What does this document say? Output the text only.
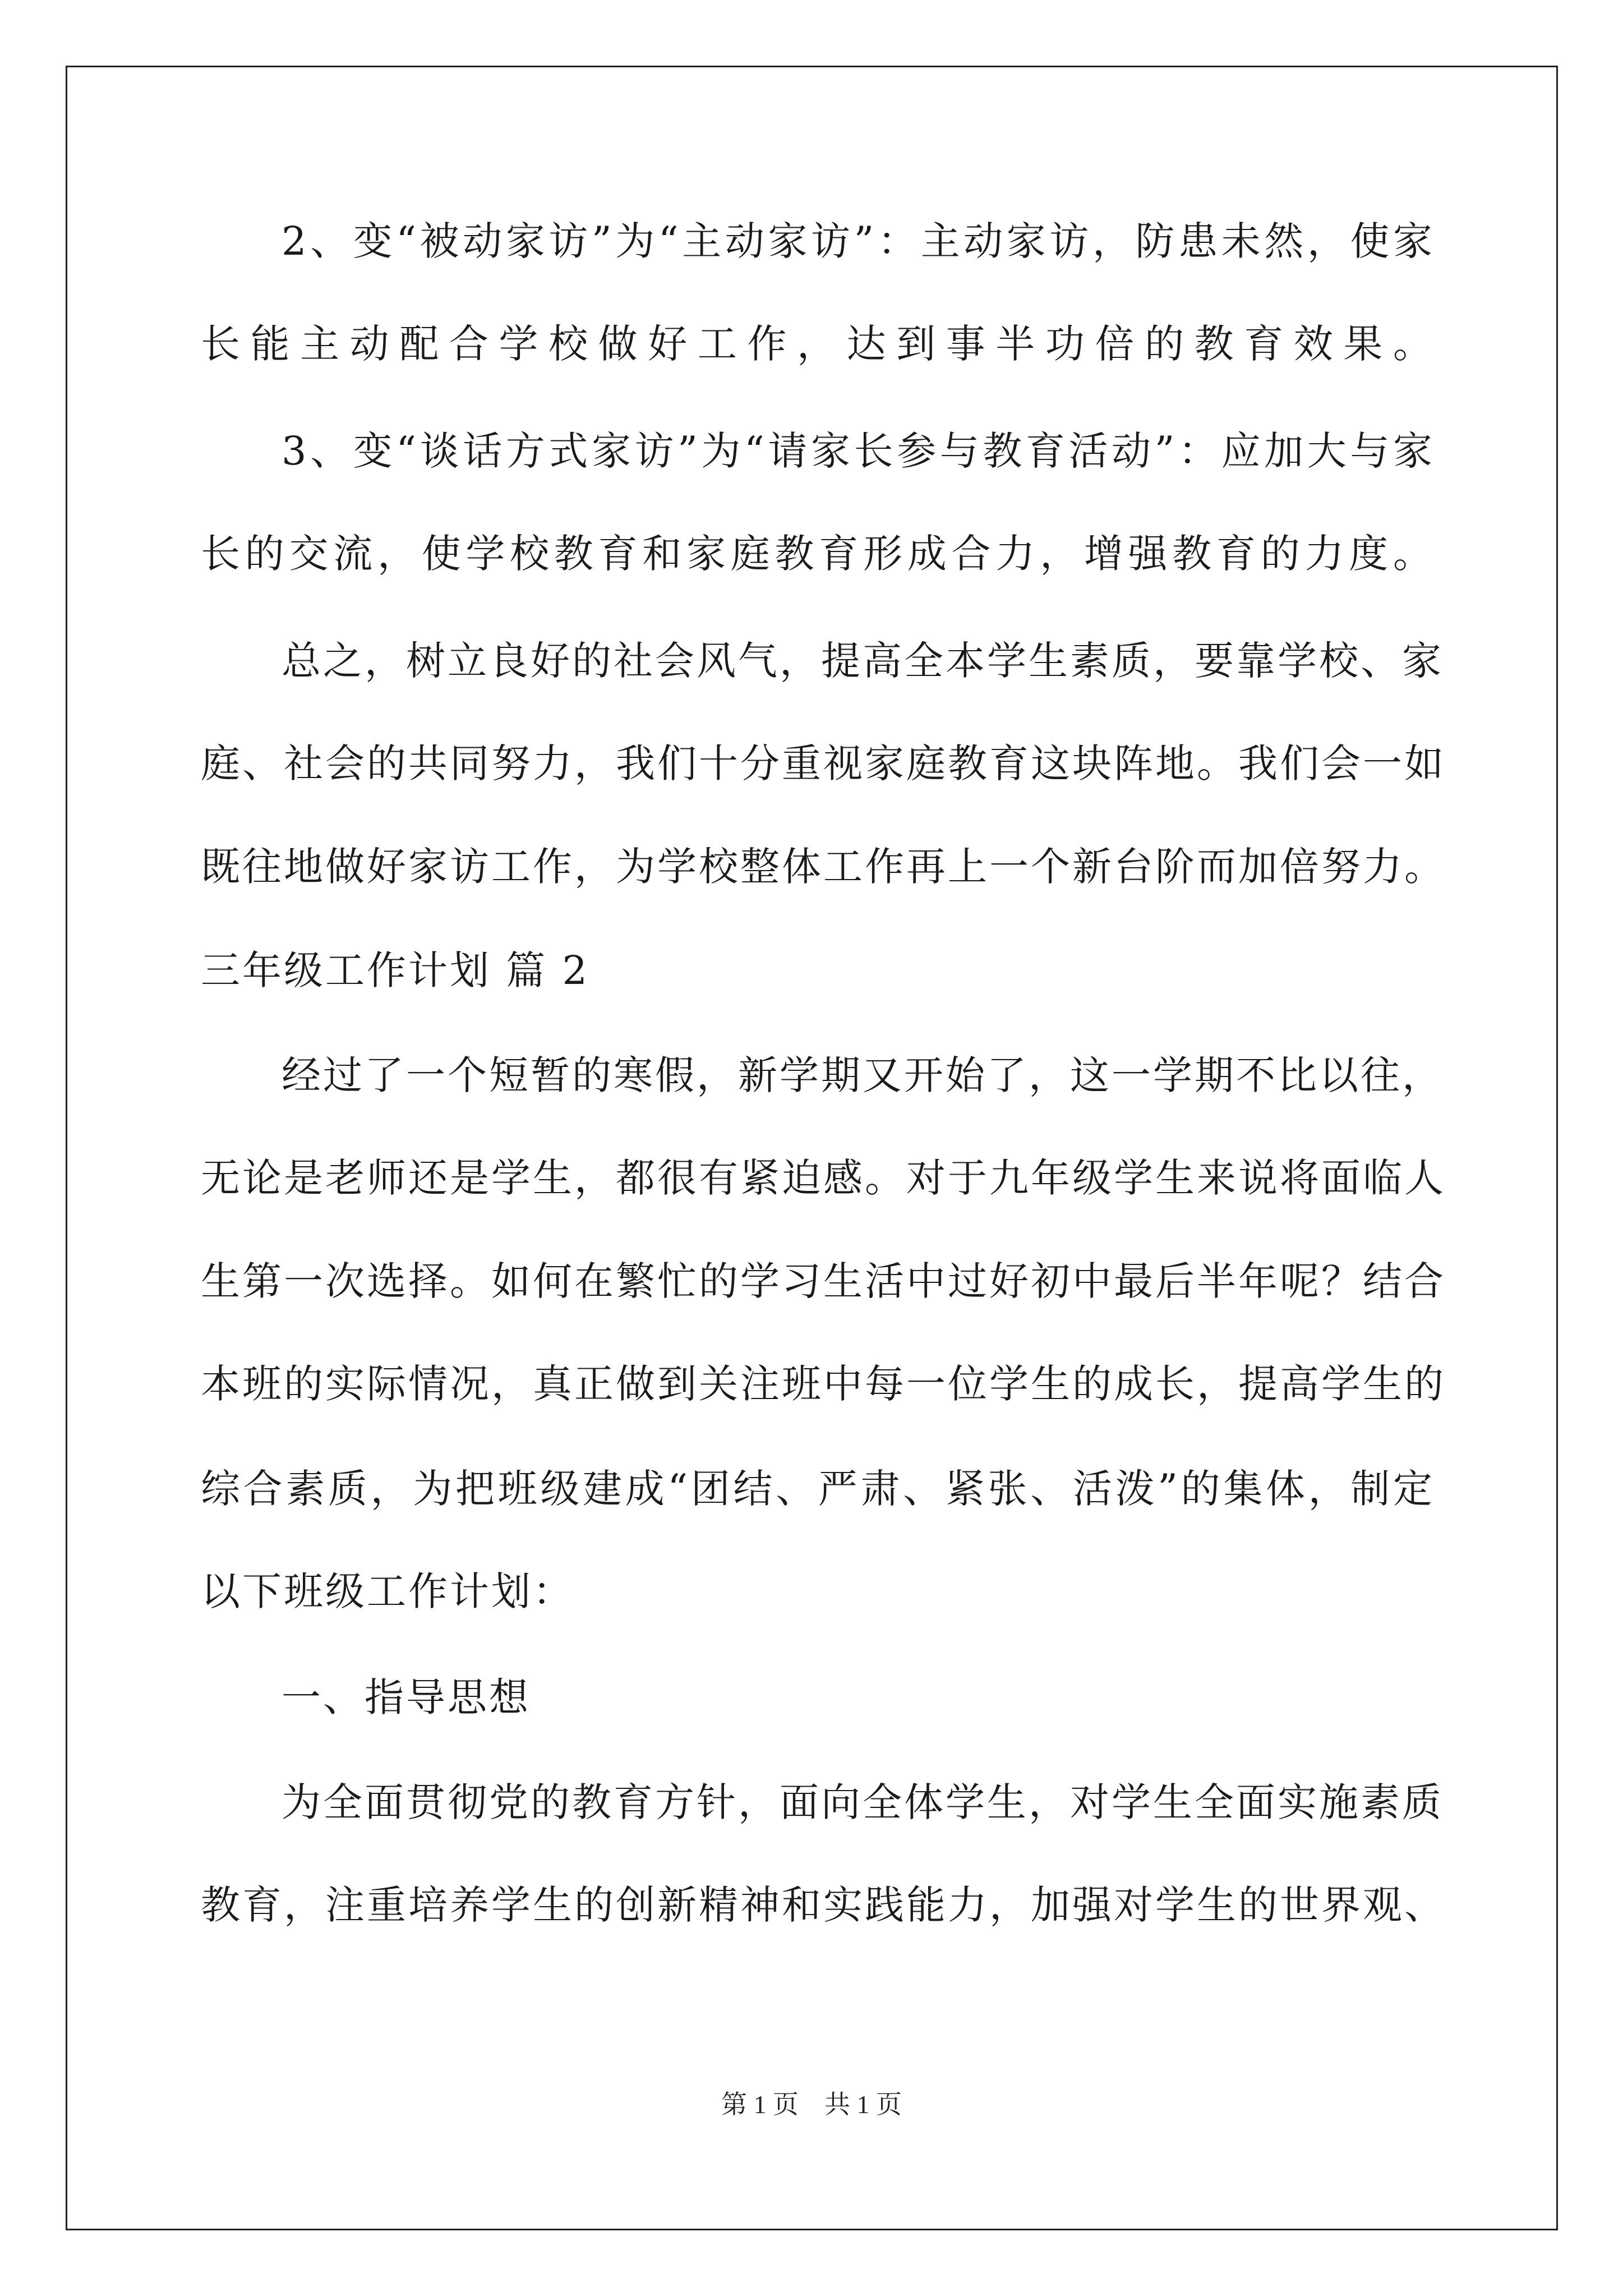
2、变“被动家访”为“主动家访”：主动家访，防患未然，使家
长能主动配合学校做好工作，达到事半功倍的教育效果。
3、变“谈话方式家访”为“请家长参与教育活动”：应加大与家
长的交流，使学校教育和家庭教育形成合力，增强教育的力度。
总之，树立良好的社会风气，提高全本学生素质，要靠学校、家
庭、社会的共同努力，我们十分重视家庭教育这块阵地。我们会一如
既往地做好家访工作，为学校整体工作再上一个新台阶而加倍努力。
三年级工作计划 篇 2
经过了一个短暂的寒假，新学期又开始了，这一学期不比以往，
无论是老师还是学生，都很有紧迫感。对于九年级学生来说将面临人
生第一次选择。如何在繁忙的学习生活中过好初中最后半年呢？结合
本班的实际情况，真正做到关注班中每一位学生的成长，提高学生的
综合素质，为把班级建成“团结、严肃、紧张、活泼”的集体，制定
以下班级工作计划：
一、指导思想
为全面贯彻党的教育方针，面向全体学生，对学生全面实施素质
教育，注重培养学生的创新精神和实践能力，加强对学生的世界观、
第 1 页　共 1 页
